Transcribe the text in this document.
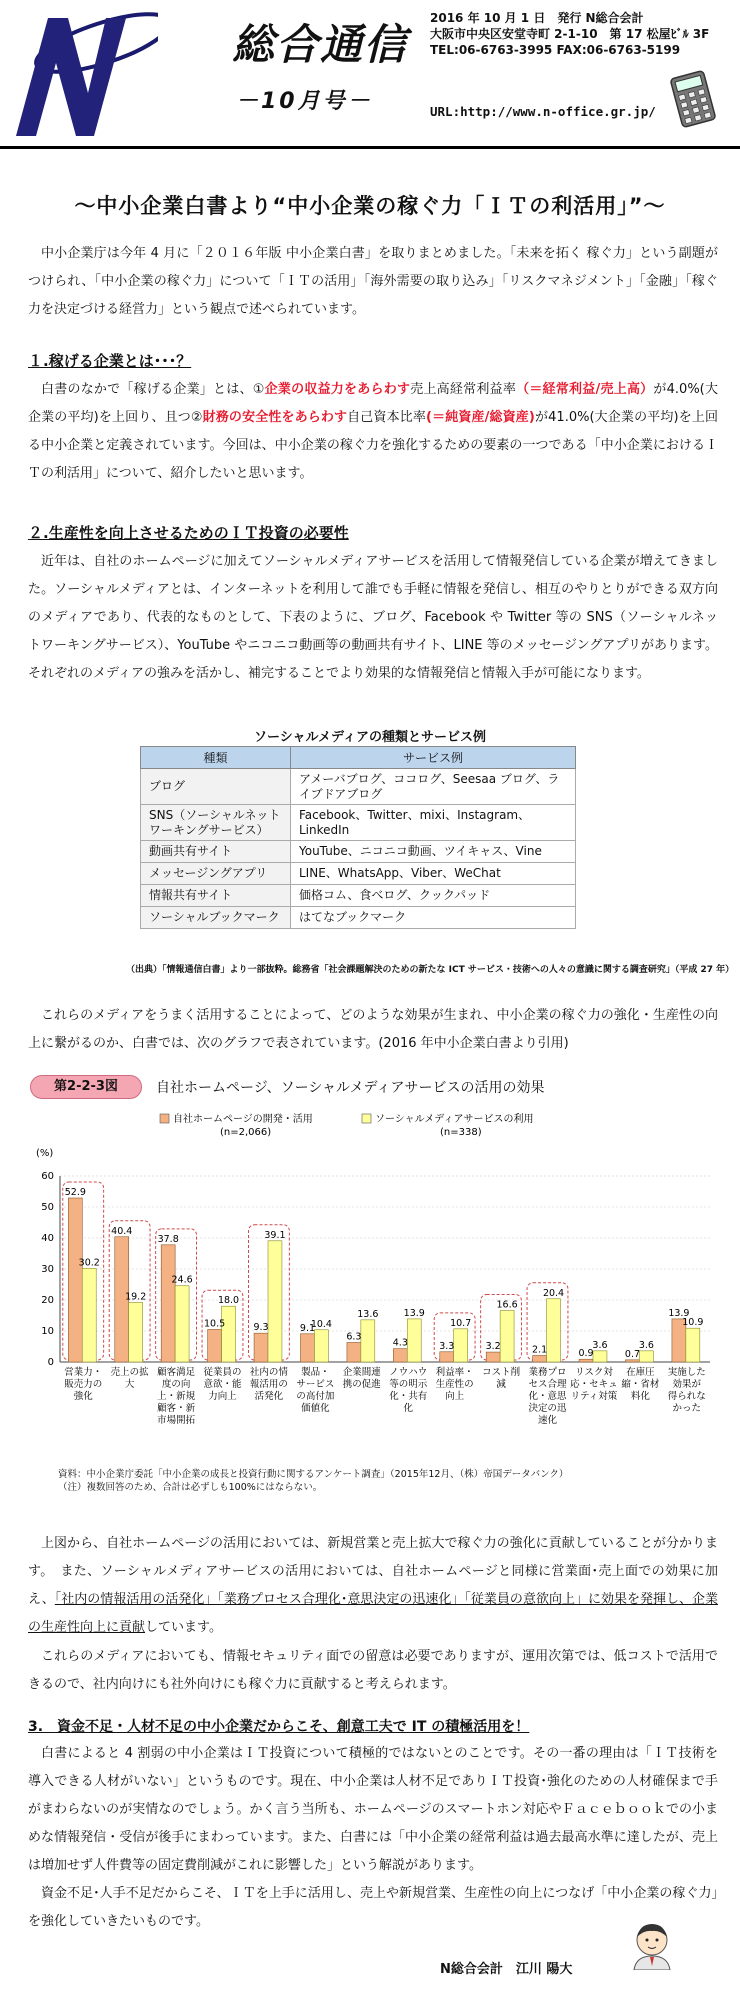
総合通信
－10月号－
2016 年 10 月 1 日　発行 N総合会計
大阪市中央区安堂寺町 2-1-10　第 17 松屋ﾋﾞﾙ 3F
TEL:06-6763-3995 FAX:06-6763-5199
URL:http://www.n-office.gr.jp/
～中小企業白書より“中小企業の稼ぐ力「ＩＴの利活用」”～

中小企業庁は今年 4 月に「２０１６年版 中小企業白書」を取りまとめました。「未来を拓く 稼ぐ力」という副題がつけられ、「中小企業の稼ぐ力」について「ＩＴの活用」「海外需要の取り込み」「リスクマネジメント」「金融」「稼ぐ力を決定づける経営力」という観点で述べられています。

１.稼げる企業とは･･･？

白書のなかで「稼げる企業」とは、①企業の収益力をあらわす売上高経常利益率（＝経常利益/売上高）が4.0%(大企業の平均)を上回り、且つ②財務の安全性をあらわす自己資本比率(＝純資産/総資産)が41.0%(大企業の平均)を上回る中小企業と定義されています。今回は、中小企業の稼ぐ力を強化するための要素の一つである「中小企業におけるＩＴの利活用」について、紹介したいと思います。

２.生産性を向上させるためのＩＴ投資の必要性

近年は、自社のホームページに加えてソーシャルメディアサービスを活用して情報発信している企業が増えてきました。ソーシャルメディアとは、インターネットを利用して誰でも手軽に情報を発信し、相互のやりとりができる双方向のメディアであり、代表的なものとして、下表のように、ブログ、Facebook や Twitter 等の SNS（ソーシャルネットワーキングサービス）、YouTube やニコニコ動画等の動画共有サイト、LINE 等のメッセージングアプリがあります。それぞれのメディアの強みを活かし、補完することでより効果的な情報発信と情報入手が可能になります。

ソーシャルメディアの種類とサービス例
種類	サービス例
ブログ	アメーバブログ、ココログ、Seesaa ブログ、ライブドアブログ
SNS（ソーシャルネットワーキングサービス）	Facebook、Twitter、mixi、Instagram、LinkedIn
動画共有サイト	YouTube、ニコニコ動画、ツイキャス、Vine
メッセージングアプリ	LINE、WhatsApp、Viber、WeChat
情報共有サイト	価格コム、食べログ、クックパッド
ソーシャルブックマーク	はてなブックマーク
（出典）「情報通信白書」より一部抜粋。総務省「社会課題解決のための新たな ICT サービス・技術への人々の意識に関する調査研究」（平成 27 年）

これらのメディアをうまく活用することによって、どのような効果が生まれ、中小企業の稼ぐ力の強化・生産性の向上に繋がるのか、白書では、次のグラフで表されています。(2016 年中小企業白書より引用)

第2-2-3図	自社ホームページ、ソーシャルメディアサービスの活用の効果
自社ホームページの開発・活用
(n=2,066)
ソーシャルメディアサービスの利用
(n=338)
(%)
0
10
20
30
40
50
60
52.9
30.2
営業力・販売力の強化
40.4
19.2
売上の拡大
37.8
24.6
顧客満足度の向上・新規顧客・新市場開拓
10.5
18.0
従業員の意欲・能力向上
9.3
39.1
社内の情報活用の活発化
9.1
10.4
製品・サービスの高付加価値化
6.3
13.6
企業間連携の促進
4.3
13.9
ノウハウ等の明示化・共有化
3.3
10.7
利益率・生産性の向上
3.2
16.6
コスト削減
2.1
20.4
業務プロセス合理化・意思決定の迅速化
0.9
3.6
リスク対応・セキュリティ対策
0.7
3.6
在庫圧縮・省材料化
13.9
10.9
実施した効果が得られなかった
資料：中小企業庁委託「中小企業の成長と投資行動に関するアンケート調査」（2015年12月、（株）帝国データバンク）
（注）複数回答のため、合計は必ずしも100%にはならない。

上図から、自社ホームページの活用においては、新規営業と売上拡大で稼ぐ力の強化に貢献していることが分かります。　また、ソーシャルメディアサービスの活用においては、自社ホームページと同様に営業面･売上面での効果に加え、「社内の情報活用の活発化」「業務プロセス合理化･意思決定の迅速化」「従業員の意欲向上」に効果を発揮し、企業の生産性向上に貢献しています。

これらのメディアにおいても、情報セキュリティ面での留意は必要でありますが、運用次第では、低コストで活用できるので、社内向けにも社外向けにも稼ぐ力に貢献すると考えられます。

3.　資金不足・人材不足の中小企業だからこそ、創意工夫で IT の積極活用を！

白書によると 4 割弱の中小企業はＩＴ投資について積極的ではないとのことです。その一番の理由は「ＩＴ技術を導入できる人材がいない」というものです。現在、中小企業は人材不足でありＩＴ投資･強化のための人材確保まで手がまわらないのが実情なのでしょう。かく言う当所も、ホームページのスマートホン対応やＦａｃｅｂｏｏｋでの小まめな情報発信・受信が後手にまわっています。また、白書には「中小企業の経常利益は過去最高水準に達したが、売上は増加せず人件費等の固定費削減がこれに影響した」という解説があります。

資金不足･人手不足だからこそ、ＩＴを上手に活用し、売上や新規営業、生産性の向上につなげ「中小企業の稼ぐ力」を強化していきたいものです。

N総合会計　江川 陽大
